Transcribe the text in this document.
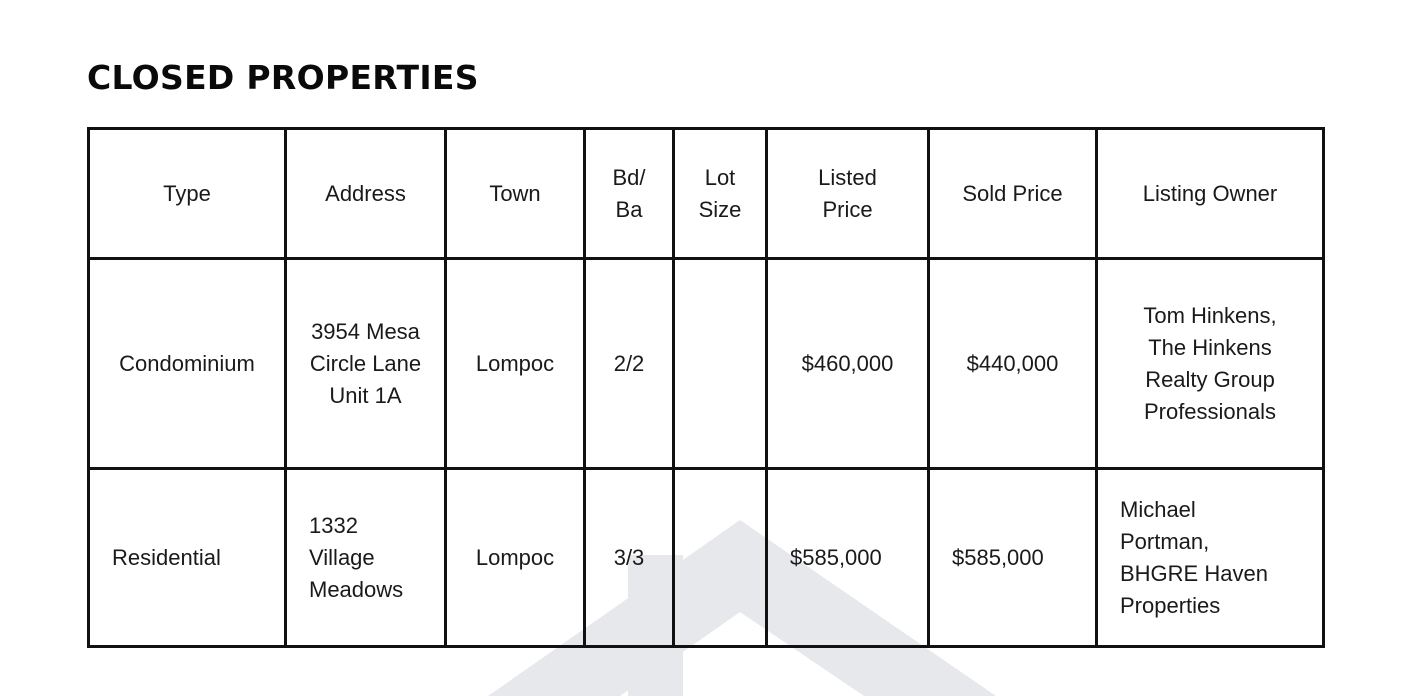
CLOSED PROPERTIES
Type	Address	Town	Bd/ Ba	Lot Size	Listed Price	Sold Price	Listing Owner
Condominium	3954 Mesa Circle Lane Unit 1A	Lompoc	2/2		$460,000	$440,000	Tom Hinkens, The Hinkens Realty Group Professionals
Residential	1332 Village Meadows	Lompoc	3/3		$585,000	$585,000	Michael Portman, BHGRE Haven Properties
